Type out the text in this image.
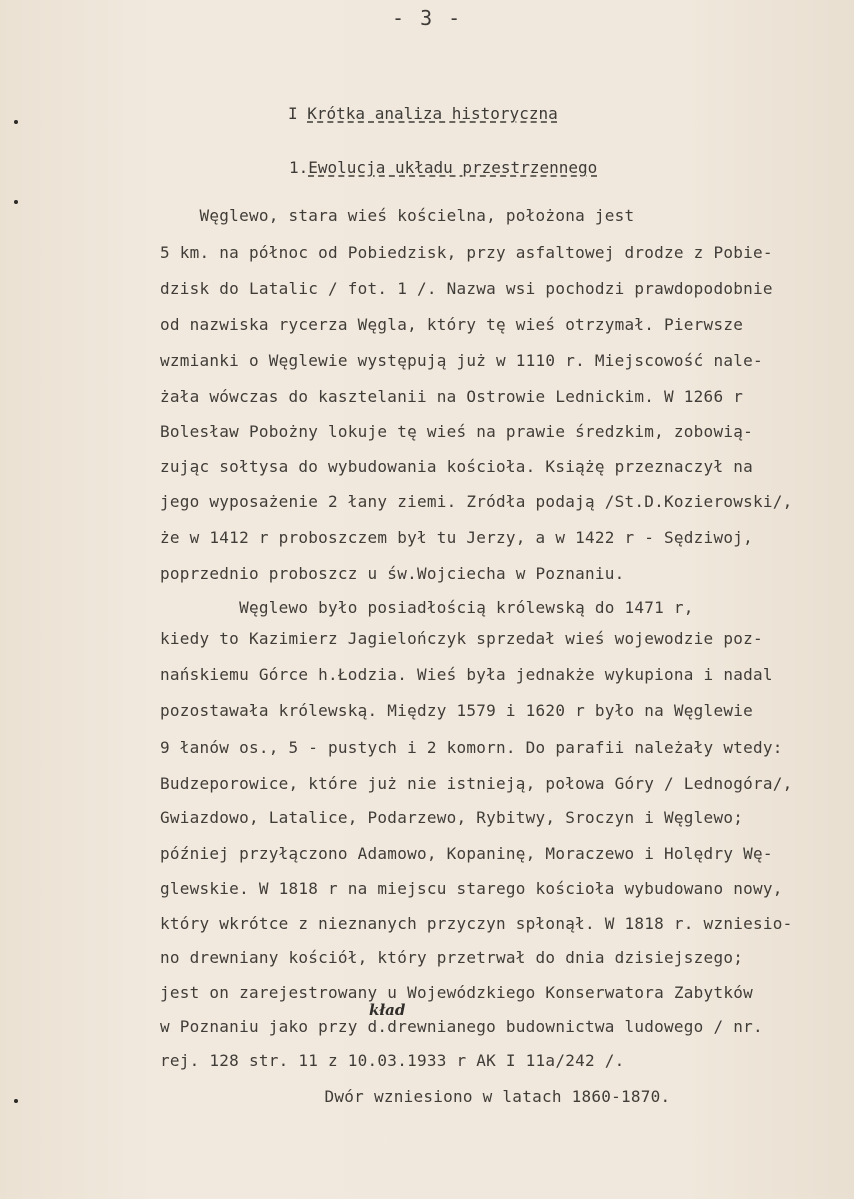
- 3 -
I Krótka analiza historyczna
1.Ewolucja układu przestrzennego
Węglewo, stara wieś kościelna, położona jest
5 km. na północ od Pobiedzisk, przy asfaltowej drodze z Pobie-
dzisk do Latalic / fot. 1 /. Nazwa wsi pochodzi prawdopodobnie
od nazwiska rycerza Węgla, który tę wieś otrzymał. Pierwsze
wzmianki o Węglewie występują już w 1110 r. Miejscowość nale-
żała wówczas do kasztelanii na Ostrowie Lednickim. W 1266 r
Bolesław Pobożny lokuje tę wieś na prawie średzkim, zobowią-
zując sołtysa do wybudowania kościoła. Książę przeznaczył na
jego wyposażenie 2 łany ziemi. Zródła podają /St.D.Kozierowski/,
że w 1412 r proboszczem był tu Jerzy, a w 1422 r - Sędziwoj,
poprzednio proboszcz u św.Wojciecha w Poznaniu.
Węglewo było posiadłością królewską do 1471 r,
kiedy to Kazimierz Jagielończyk sprzedał wieś wojewodzie poz-
nańskiemu Górce h.Łodzia. Wieś była jednakże wykupiona i nadal
pozostawała królewską. Między 1579 i 1620 r było na Węglewie
9 łanów os., 5 - pustych i 2 komorn. Do parafii należały wtedy:
Budzeporowice, które już nie istnieją, połowa Góry / Lednogóra/,
Gwiazdowo, Latalice, Podarzewo, Rybitwy, Sroczyn i Węglewo;
później przyłączono Adamowo, Kopaninę, Moraczewo i Holędry Wę-
glewskie. W 1818 r na miejscu starego kościoła wybudowano nowy,
który wkrótce z nieznanych przyczyn spłonął. W 1818 r. wzniesio-
no drewniany kościół, który przetrwał do dnia dzisiejszego;
jest on zarejestrowany u Wojewódzkiego Konserwatora Zabytków
w Poznaniu jako przy d.drewnianego budownictwa ludowego / nr.
rej. 128 str. 11 z 10.03.1933 r AK I 11a/242 /.
Dwór wzniesiono w latach 1860-1870.
kład
